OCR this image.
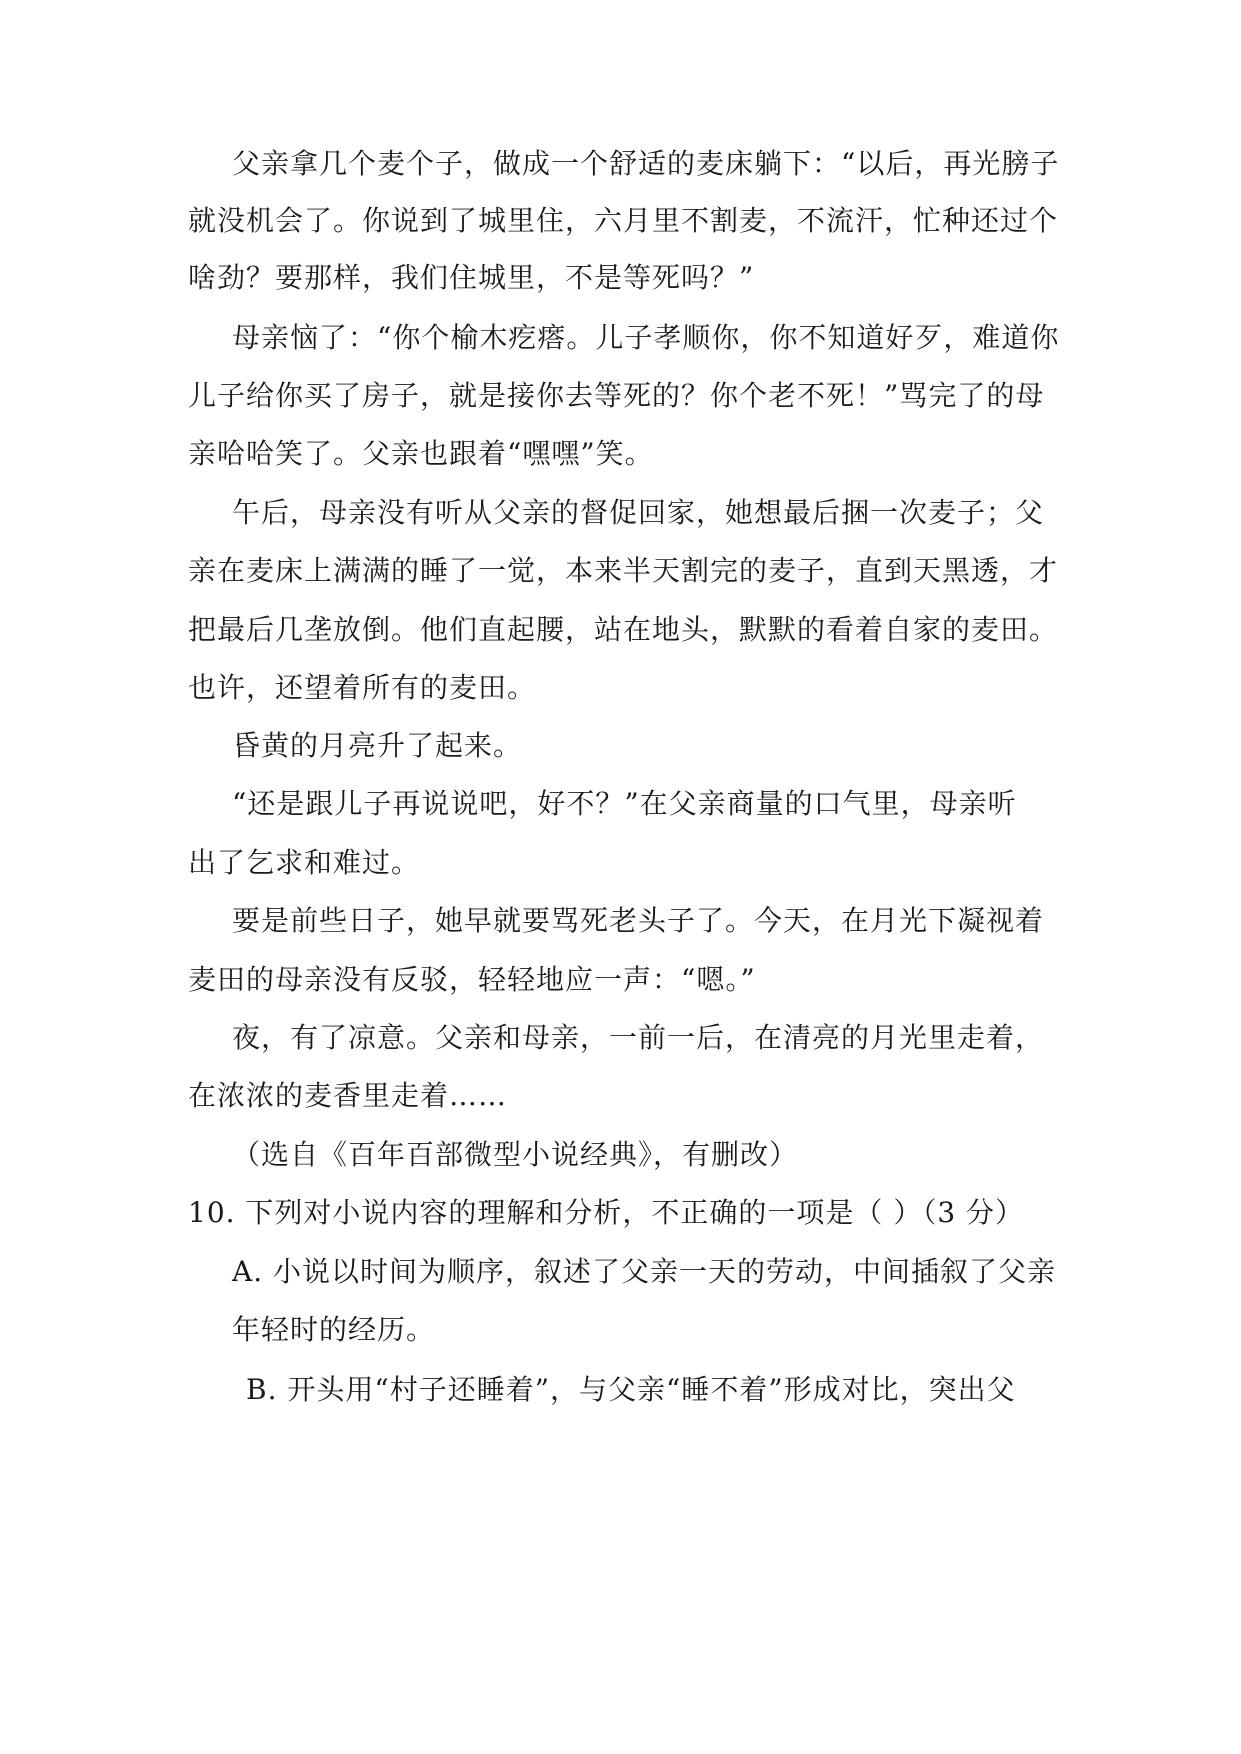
父亲拿几个麦个子，做成一个舒适的麦床躺下：“以后，再光膀子
就没机会了。你说到了城里住，六月里不割麦，不流汗，忙种还过个
啥劲？要那样，我们住城里，不是等死吗？”
母亲恼了：“你个榆木疙瘩。儿子孝顺你，你不知道好歹，难道你
儿子给你买了房子，就是接你去等死的？你个老不死！”骂完了的母
亲哈哈笑了。父亲也跟着“嘿嘿”笑。
午后，母亲没有听从父亲的督促回家，她想最后捆一次麦子；父
亲在麦床上满满的睡了一觉，本来半天割完的麦子，直到天黑透，才
把最后几垄放倒。他们直起腰，站在地头，默默的看着自家的麦田。
也许，还望着所有的麦田。
昏黄的月亮升了起来。
“还是跟儿子再说说吧，好不？”在父亲商量的口气里，母亲听
出了乞求和难过。
要是前些日子，她早就要骂死老头子了。今天，在月光下凝视着
麦田的母亲没有反驳，轻轻地应一声：“嗯。”
夜，有了凉意。父亲和母亲，一前一后，在清亮的月光里走着，
在浓浓的麦香里走着……
（选自《百年百部微型小说经典》，有删改）
10. 下列对小说内容的理解和分析，不正确的一项是（ ）（3 分）
A. 小说以时间为顺序，叙述了父亲一天的劳动，中间插叙了父亲
年轻时的经历。
B. 开头用“村子还睡着”，与父亲“睡不着”形成对比，突出父
